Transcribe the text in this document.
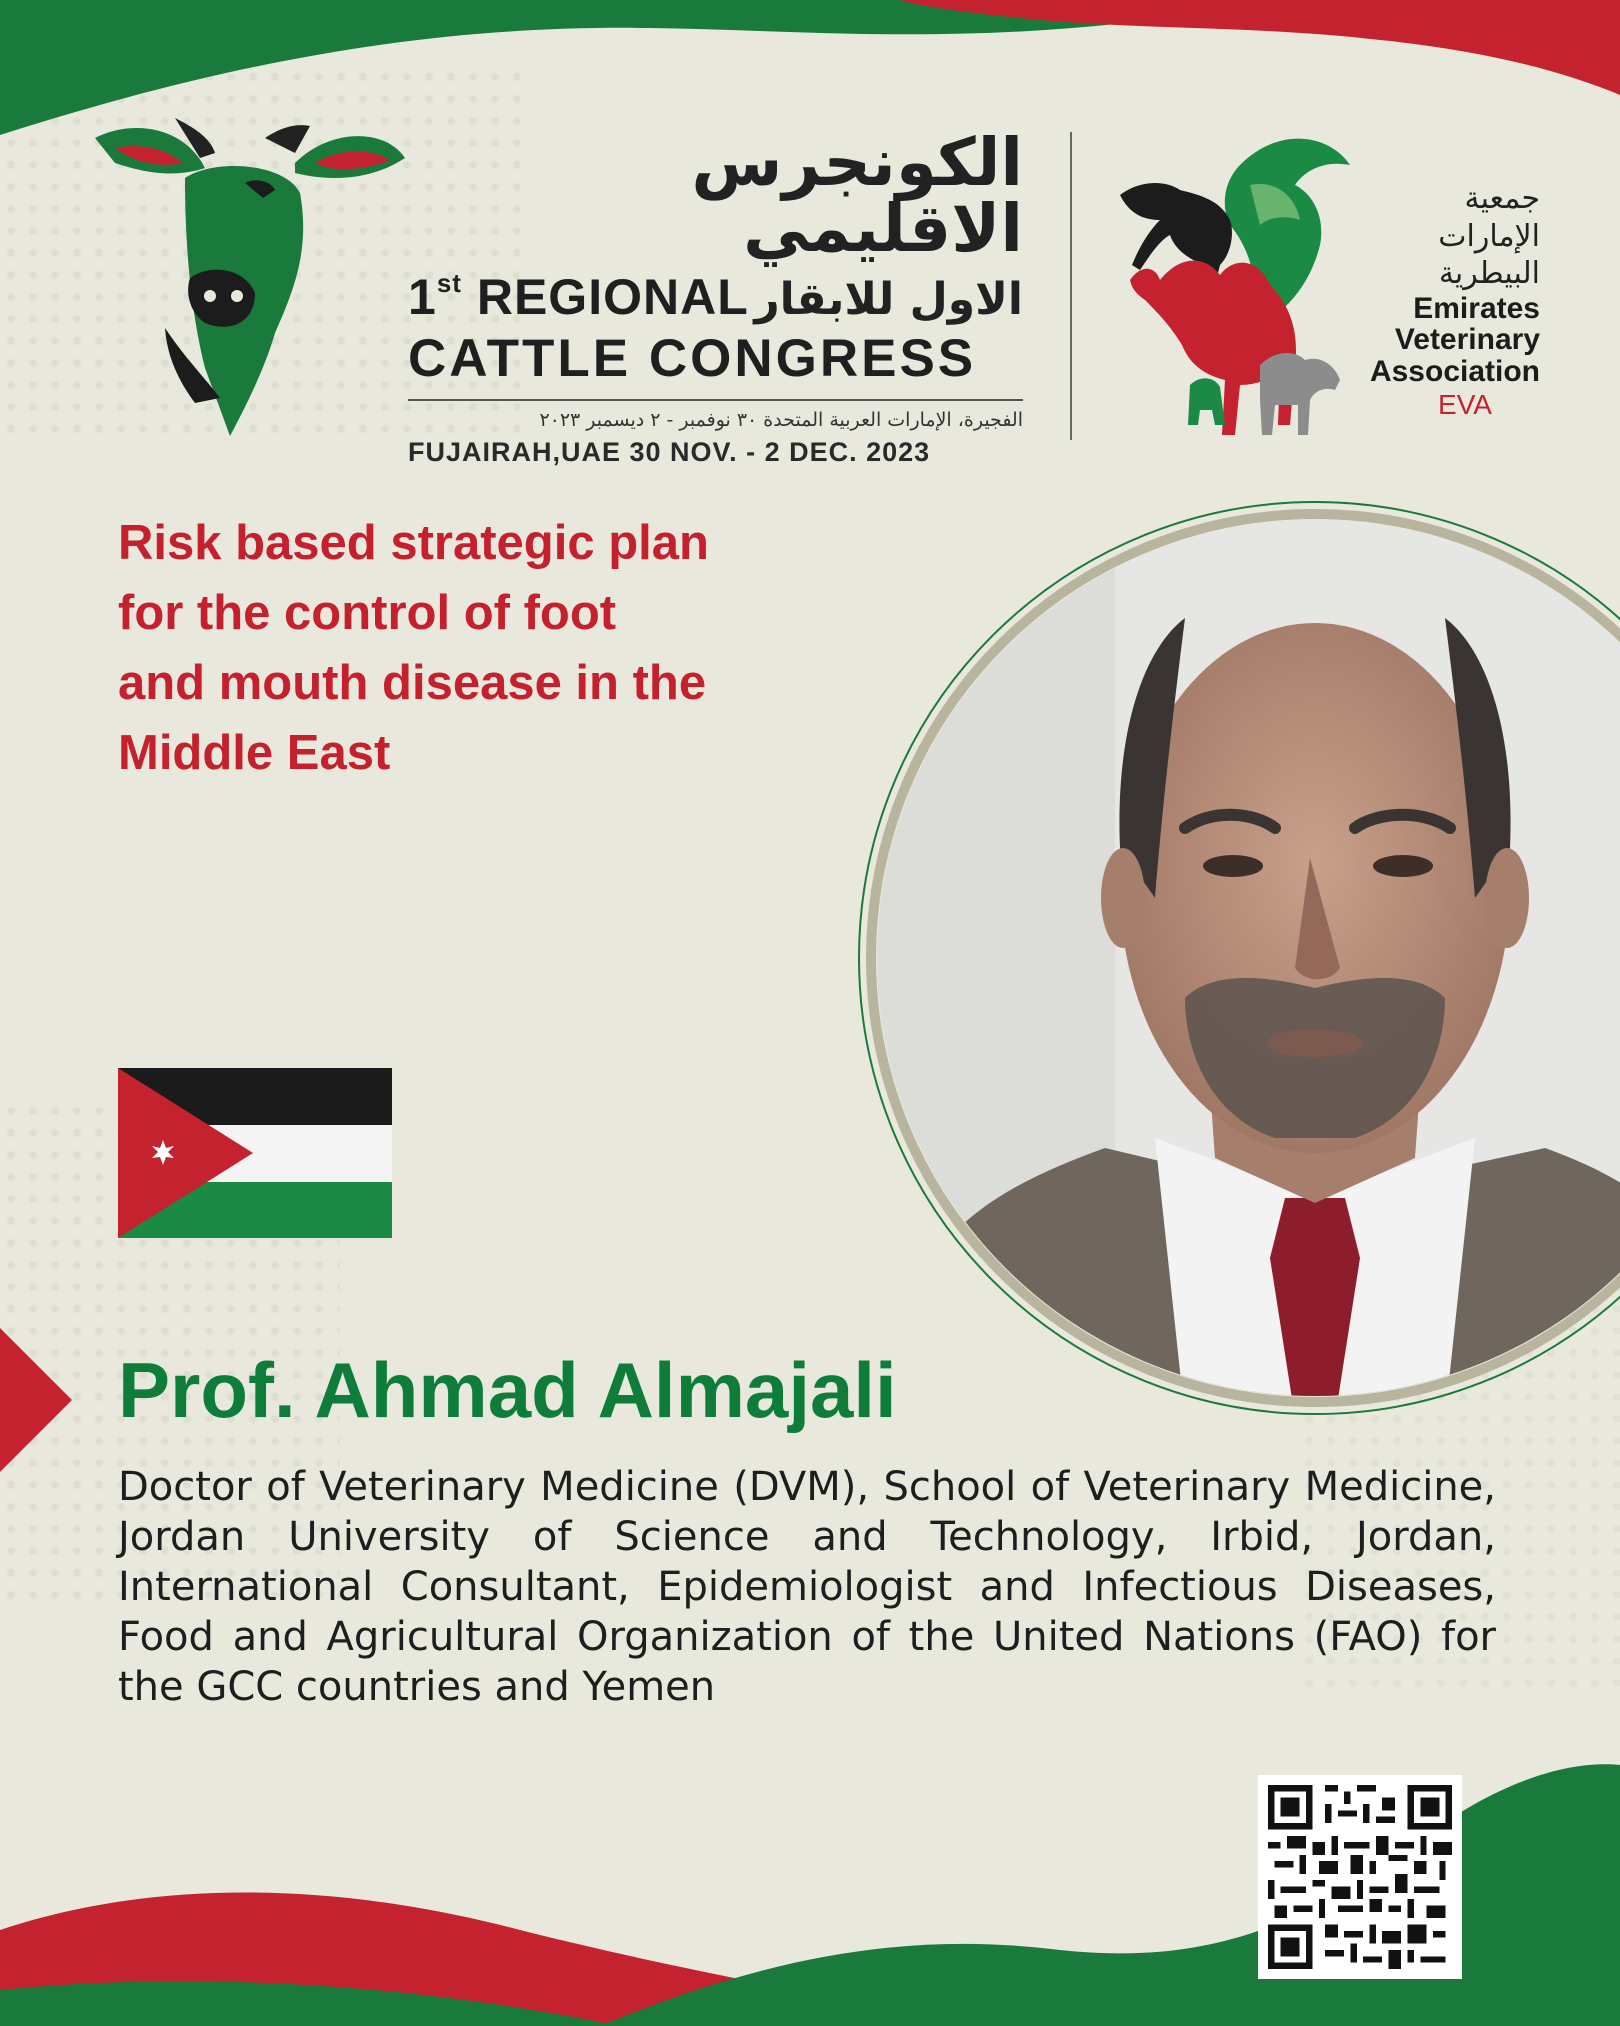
الكونجرس الاقليمي
1st REGIONAL الاول للابقار
CATTLE CONGRESS
الفجيرة، الإمارات العربية المتحدة ٣٠ نوفمبر - ٢ ديسمبر ٢٠٢٣
FUJAIRAH,UAE 30 NOV. - 2 DEC. 2023
جمعية
الإمارات
البيطرية
Emirates
Veterinary
Association
EVA
Risk based strategic plan
for the control of foot
and mouth disease in the
Middle East
Prof. Ahmad Almajali
Doctor of Veterinary Medicine (DVM), School of Veterinary Medicine, Jordan University of Science and Technology, Irbid, Jordan, International Consultant, Epidemiologist and Infectious Diseases, Food and Agricultural Organization of the United Nations (FAO) for the GCC countries and Yemen
